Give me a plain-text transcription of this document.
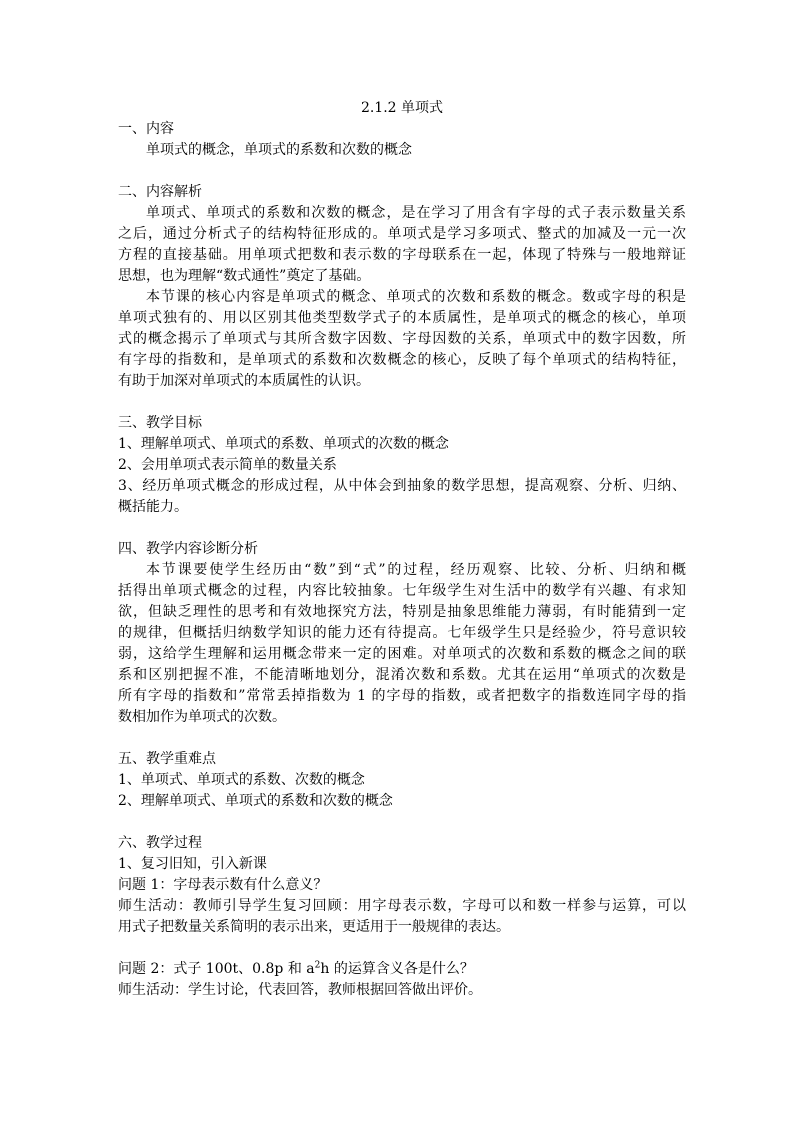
2.1.2 单项式

一、内容

单项式的概念，单项式的系数和次数的概念

二、内容解析

单项式、单项式的系数和次数的概念，是在学习了用含有字母的式子表示数量关系
之后，通过分析式子的结构特征形成的。单项式是学习多项式、整式的加减及一元一次
方程的直接基础。用单项式把数和表示数的字母联系在一起，体现了特殊与一般地辩证
思想，也为理解“数式通性”奠定了基础。
本节课的核心内容是单项式的概念、单项式的次数和系数的概念。数或字母的积是
单项式独有的、用以区别其他类型数学式子的本质属性，是单项式的概念的核心，单项
式的概念揭示了单项式与其所含数字因数、字母因数的关系，单项式中的数字因数，所
有字母的指数和，是单项式的系数和次数概念的核心，反映了每个单项式的结构特征，
有助于加深对单项式的本质属性的认识。

三、教学目标

1、理解单项式、单项式的系数、单项式的次数的概念

2、会用单项式表示简单的数量关系

3、经历单项式概念的形成过程，从中体会到抽象的数学思想，提高观察、分析、归纳、
概括能力。

四、教学内容诊断分析

本节课要使学生经历由“数”到“式”的过程，经历观察、比较、分析、归纳和概
括得出单项式概念的过程，内容比较抽象。七年级学生对生活中的数学有兴趣、有求知
欲，但缺乏理性的思考和有效地探究方法，特别是抽象思维能力薄弱，有时能猜到一定
的规律，但概括归纳数学知识的能力还有待提高。七年级学生只是经验少，符号意识较
弱，这给学生理解和运用概念带来一定的困难。对单项式的次数和系数的概念之间的联
系和区别把握不准，不能清晰地划分，混淆次数和系数。尤其在运用“单项式的次数是
所有字母的指数和”常常丢掉指数为 1 的字母的指数，或者把数字的指数连同字母的指
数相加作为单项式的次数。

五、教学重难点

1、单项式、单项式的系数、次数的概念

2、理解单项式、单项式的系数和次数的概念

六、教学过程

1、复习旧知，引入新课

问题 1：字母表示数有什么意义？

师生活动：教师引导学生复习回顾：用字母表示数，字母可以和数一样参与运算，可以
用式子把数量关系简明的表示出来，更适用于一般规律的表达。

问题 2：式子 100t、0.8p 和 $a^2h$ 的运算含义各是什么？

师生活动：学生讨论，代表回答，教师根据回答做出评价。
